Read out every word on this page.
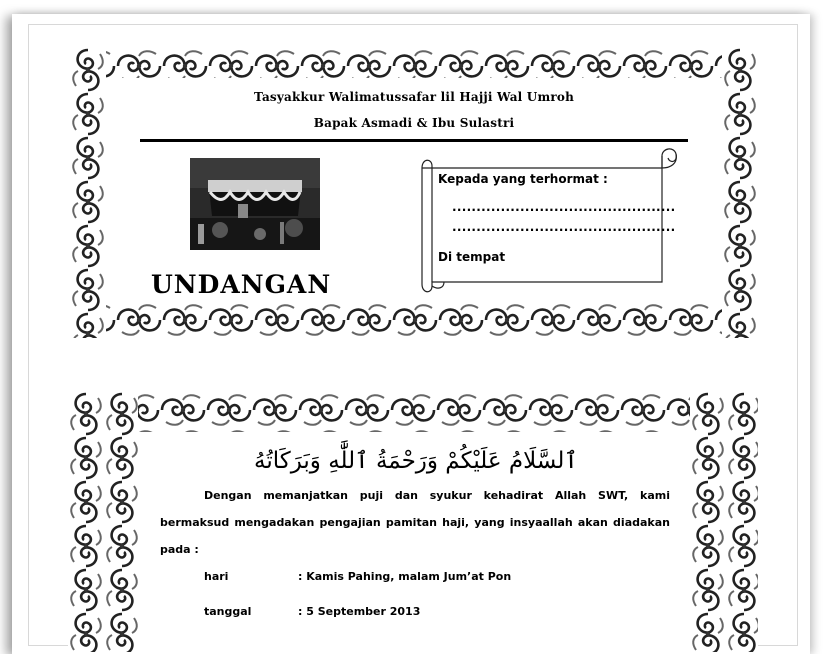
Tasyakkur Walimatussafar lil Hajji Wal Umroh
Bapak Asmadi & Ibu Sulastri
UNDANGAN
Kepada yang terhormat :
..............................................
..............................................
Di tempat
ٱلسَّلَامُ عَلَيْكُمْ وَرَحْمَةُ ٱللَّٰهِ وَبَرَكَاتُهُ
Dengan memanjatkan puji dan syukur kehadirat Allah SWT, kami bermaksud mengadakan pengajian pamitan haji, yang insyaallah akan diadakan pada :
hari	: Kamis Pahing, malam Jum’at Pon
tanggal	: 5 September 2013
